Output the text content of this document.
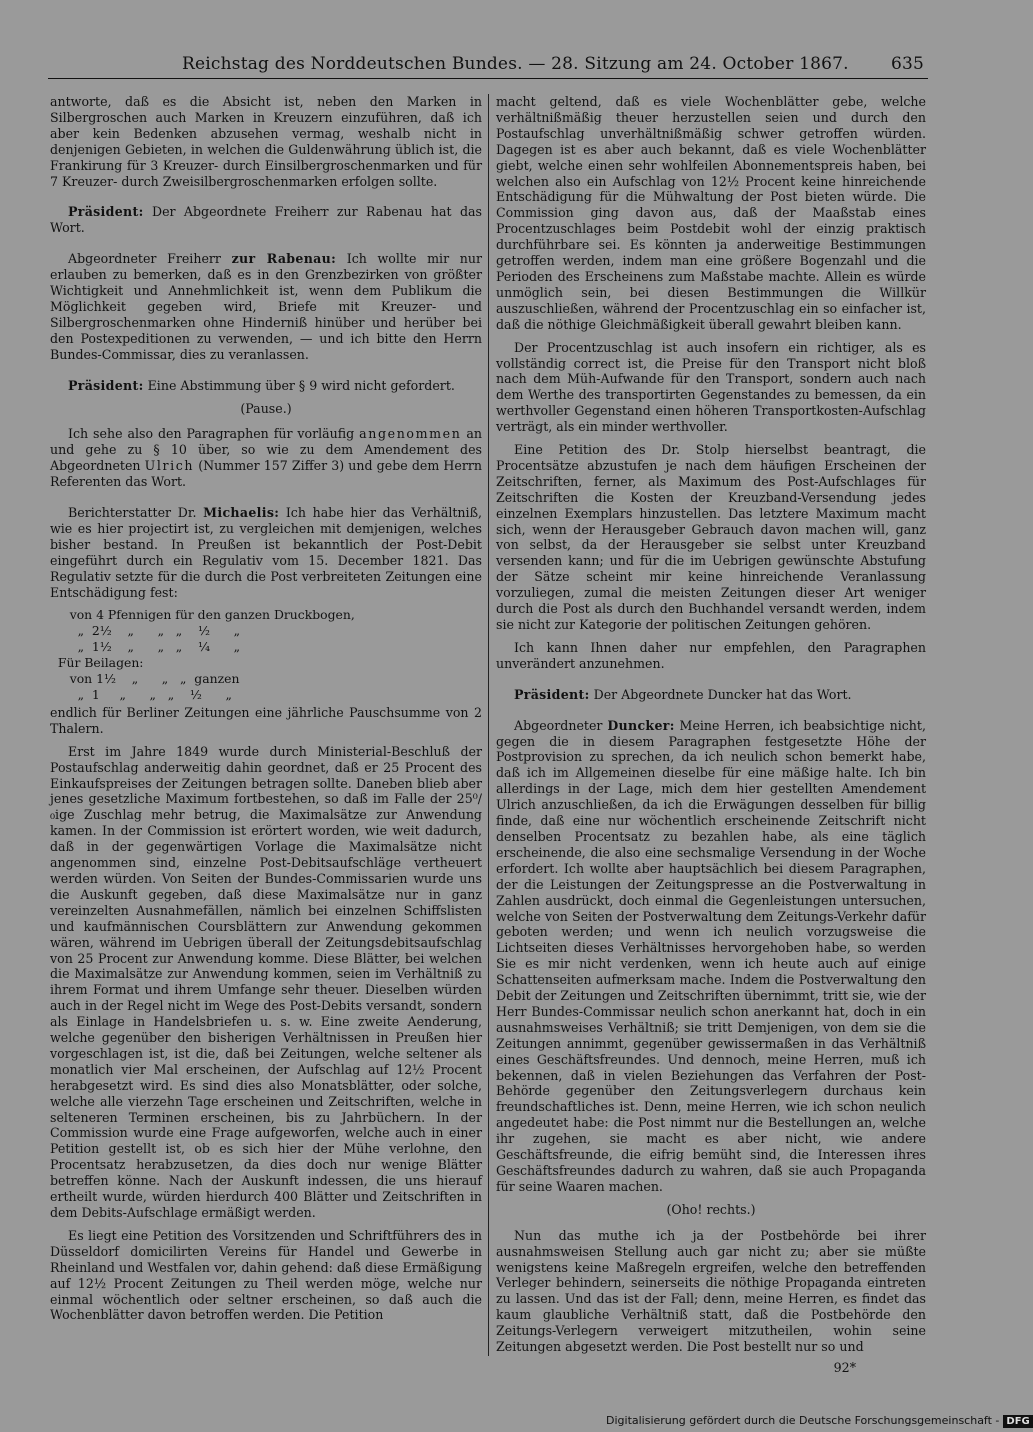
Reichstag des Norddeutschen Bundes. — 28. Sitzung am 24. October 1867. 635

antworte, daß es die Absicht ist, neben den Marken in Silbergroschen auch Marken in Kreuzern einzuführen, daß ich aber kein Bedenken abzusehen vermag, weshalb nicht in denjenigen Gebieten, in welchen die Guldenwährung üblich ist, die Frankirung für 3 Kreuzer- durch Einsilbergroschenmarken und für 7 Kreuzer- durch Zweisilbergroschenmarken erfolgen sollte.

Präsident: Der Abgeordnete Freiherr zur Rabenau hat das Wort.

Abgeordneter Freiherr zur Rabenau: Ich wollte mir nur erlauben zu bemerken, daß es in den Grenzbezirken von größter Wichtigkeit und Annehmlichkeit ist, wenn dem Publikum die Möglichkeit gegeben wird, Briefe mit Kreuzer- und Silbergroschenmarken ohne Hinderniß hinüber und herüber bei den Postexpeditionen zu verwenden, — und ich bitte den Herrn Bundes-Commissar, dies zu veranlassen.

Präsident: Eine Abstimmung über § 9 wird nicht gefordert.

(Pause.)

Ich sehe also den Paragraphen für vorläufig angenommen an und gehe zu § 10 über, so wie zu dem Amendement des Abgeordneten Ulrich (Nummer 157 Ziffer 3) und gebe dem Herrn Referenten das Wort.

Berichterstatter Dr. Michaelis: Ich habe hier das Verhältniß, wie es hier projectirt ist, zu vergleichen mit demjenigen, welches bisher bestand. In Preußen ist bekanntlich der Post-Debit eingeführt durch ein Regulativ vom 15. December 1821. Das Regulativ setzte für die durch die Post verbreiteten Zeitungen eine Entschädigung fest:

von 4 Pfennigen für den ganzen Druckbogen,
„  2½    „      „   „    ½      „
„  1½    „      „   „    ¼      „
Für Beilagen:
von 1½    „      „   „  ganzen
„  1     „      „   „    ½      „

endlich für Berliner Zeitungen eine jährliche Pauschsumme von 2 Thalern.

Erst im Jahre 1849 wurde durch Ministerial-Beschluß der Postaufschlag anderweitig dahin geordnet, daß er 25 Procent des Einkaufspreises der Zeitungen betragen sollte. Daneben blieb aber jenes gesetzliche Maximum fortbestehen, so daß im Falle der 25⁰/₀ige Zuschlag mehr betrug, die Maximalsätze zur Anwendung kamen. In der Commission ist erörtert worden, wie weit dadurch, daß in der gegenwärtigen Vorlage die Maximalsätze nicht angenommen sind, einzelne Post-Debitsaufschläge vertheuert werden würden. Von Seiten der Bundes-Commissarien wurde uns die Auskunft gegeben, daß diese Maximalsätze nur in ganz vereinzelten Ausnahmefällen, nämlich bei einzelnen Schiffslisten und kaufmännischen Coursblättern zur Anwendung gekommen wären, während im Uebrigen überall der Zeitungsdebitsaufschlag von 25 Procent zur Anwendung komme. Diese Blätter, bei welchen die Maximalsätze zur Anwendung kommen, seien im Verhältniß zu ihrem Format und ihrem Umfange sehr theuer. Dieselben würden auch in der Regel nicht im Wege des Post-Debits versandt, sondern als Einlage in Handelsbriefen u. s. w. Eine zweite Aenderung, welche gegenüber den bisherigen Verhältnissen in Preußen hier vorgeschlagen ist, ist die, daß bei Zeitungen, welche seltener als monatlich vier Mal erscheinen, der Aufschlag auf 12½ Procent herabgesetzt wird. Es sind dies also Monatsblätter, oder solche, welche alle vierzehn Tage erscheinen und Zeitschriften, welche in selteneren Terminen erscheinen, bis zu Jahrbüchern. In der Commission wurde eine Frage aufgeworfen, welche auch in einer Petition gestellt ist, ob es sich hier der Mühe verlohne, den Procentsatz herabzusetzen, da dies doch nur wenige Blätter betreffen könne. Nach der Auskunft indessen, die uns hierauf ertheilt wurde, würden hierdurch 400 Blätter und Zeitschriften in dem Debits-Aufschlage ermäßigt werden.

Es liegt eine Petition des Vorsitzenden und Schriftführers des in Düsseldorf domicilirten Vereins für Handel und Gewerbe in Rheinland und Westfalen vor, dahin gehend: daß diese Ermäßigung auf 12½ Procent Zeitungen zu Theil werden möge, welche nur einmal wöchentlich oder seltner erscheinen, so daß auch die Wochenblätter davon betroffen werden. Die Petition

macht geltend, daß es viele Wochenblätter gebe, welche verhältnißmäßig theuer herzustellen seien und durch den Postaufschlag unverhältnißmäßig schwer getroffen würden. Dagegen ist es aber auch bekannt, daß es viele Wochenblätter giebt, welche einen sehr wohlfeilen Abonnementspreis haben, bei welchen also ein Aufschlag von 12½ Procent keine hinreichende Entschädigung für die Mühwaltung der Post bieten würde. Die Commission ging davon aus, daß der Maaßstab eines Procentzuschlages beim Postdebit wohl der einzig praktisch durchführbare sei. Es könnten ja anderweitige Bestimmungen getroffen werden, indem man eine größere Bogenzahl und die Perioden des Erscheinens zum Maßstabe machte. Allein es würde unmöglich sein, bei diesen Bestimmungen die Willkür auszuschließen, während der Procentzuschlag ein so einfacher ist, daß die nöthige Gleichmäßigkeit überall gewahrt bleiben kann.

Der Procentzuschlag ist auch insofern ein richtiger, als es vollständig correct ist, die Preise für den Transport nicht bloß nach dem Müh-Aufwande für den Transport, sondern auch nach dem Werthe des transportirten Gegenstandes zu bemessen, da ein werthvoller Gegenstand einen höheren Transportkosten-Aufschlag verträgt, als ein minder werthvoller.

Eine Petition des Dr. Stolp hierselbst beantragt, die Procentsätze abzustufen je nach dem häufigen Erscheinen der Zeitschriften, ferner, als Maximum des Post-Aufschlages für Zeitschriften die Kosten der Kreuzband-Versendung jedes einzelnen Exemplars hinzustellen. Das letztere Maximum macht sich, wenn der Herausgeber Gebrauch davon machen will, ganz von selbst, da der Herausgeber sie selbst unter Kreuzband versenden kann; und für die im Uebrigen gewünschte Abstufung der Sätze scheint mir keine hinreichende Veranlassung vorzuliegen, zumal die meisten Zeitungen dieser Art weniger durch die Post als durch den Buchhandel versandt werden, indem sie nicht zur Kategorie der politischen Zeitungen gehören.

Ich kann Ihnen daher nur empfehlen, den Paragraphen unverändert anzunehmen.

Präsident: Der Abgeordnete Duncker hat das Wort.

Abgeordneter Duncker: Meine Herren, ich beabsichtige nicht, gegen die in diesem Paragraphen festgesetzte Höhe der Postprovision zu sprechen, da ich neulich schon bemerkt habe, daß ich im Allgemeinen dieselbe für eine mäßige halte. Ich bin allerdings in der Lage, mich dem hier gestellten Amendement Ulrich anzuschließen, da ich die Erwägungen desselben für billig finde, daß eine nur wöchentlich erscheinende Zeitschrift nicht denselben Procentsatz zu bezahlen habe, als eine täglich erscheinende, die also eine sechsmalige Versendung in der Woche erfordert. Ich wollte aber hauptsächlich bei diesem Paragraphen, der die Leistungen der Zeitungspresse an die Postverwaltung in Zahlen ausdrückt, doch einmal die Gegenleistungen untersuchen, welche von Seiten der Postverwaltung dem Zeitungs-Verkehr dafür geboten werden; und wenn ich neulich vorzugsweise die Lichtseiten dieses Verhältnisses hervorgehoben habe, so werden Sie es mir nicht verdenken, wenn ich heute auch auf einige Schattenseiten aufmerksam mache. Indem die Postverwaltung den Debit der Zeitungen und Zeitschriften übernimmt, tritt sie, wie der Herr Bundes-Commissar neulich schon anerkannt hat, doch in ein ausnahmsweises Verhältniß; sie tritt Demjenigen, von dem sie die Zeitungen annimmt, gegenüber gewissermaßen in das Verhältniß eines Geschäftsfreundes. Und dennoch, meine Herren, muß ich bekennen, daß in vielen Beziehungen das Verfahren der Post-Behörde gegenüber den Zeitungsverlegern durchaus kein freundschaftliches ist. Denn, meine Herren, wie ich schon neulich angedeutet habe: die Post nimmt nur die Bestellungen an, welche ihr zugehen, sie macht es aber nicht, wie andere Geschäftsfreunde, die eifrig bemüht sind, die Interessen ihres Geschäftsfreundes dadurch zu wahren, daß sie auch Propaganda für seine Waaren machen.

(Oho! rechts.)

Nun das muthe ich ja der Postbehörde bei ihrer ausnahmsweisen Stellung auch gar nicht zu; aber sie müßte wenigstens keine Maßregeln ergreifen, welche den betreffenden Verleger behindern, seinerseits die nöthige Propaganda eintreten zu lassen. Und das ist der Fall; denn, meine Herren, es findet das kaum glaubliche Verhältniß statt, daß die Postbehörde den Zeitungs-Verlegern verweigert mitzutheilen, wohin seine Zeitungen abgesetzt werden. Die Post bestellt nur so und

92*
Digitalisierung gefördert durch die Deutsche Forschungsgemeinschaft - DFG
